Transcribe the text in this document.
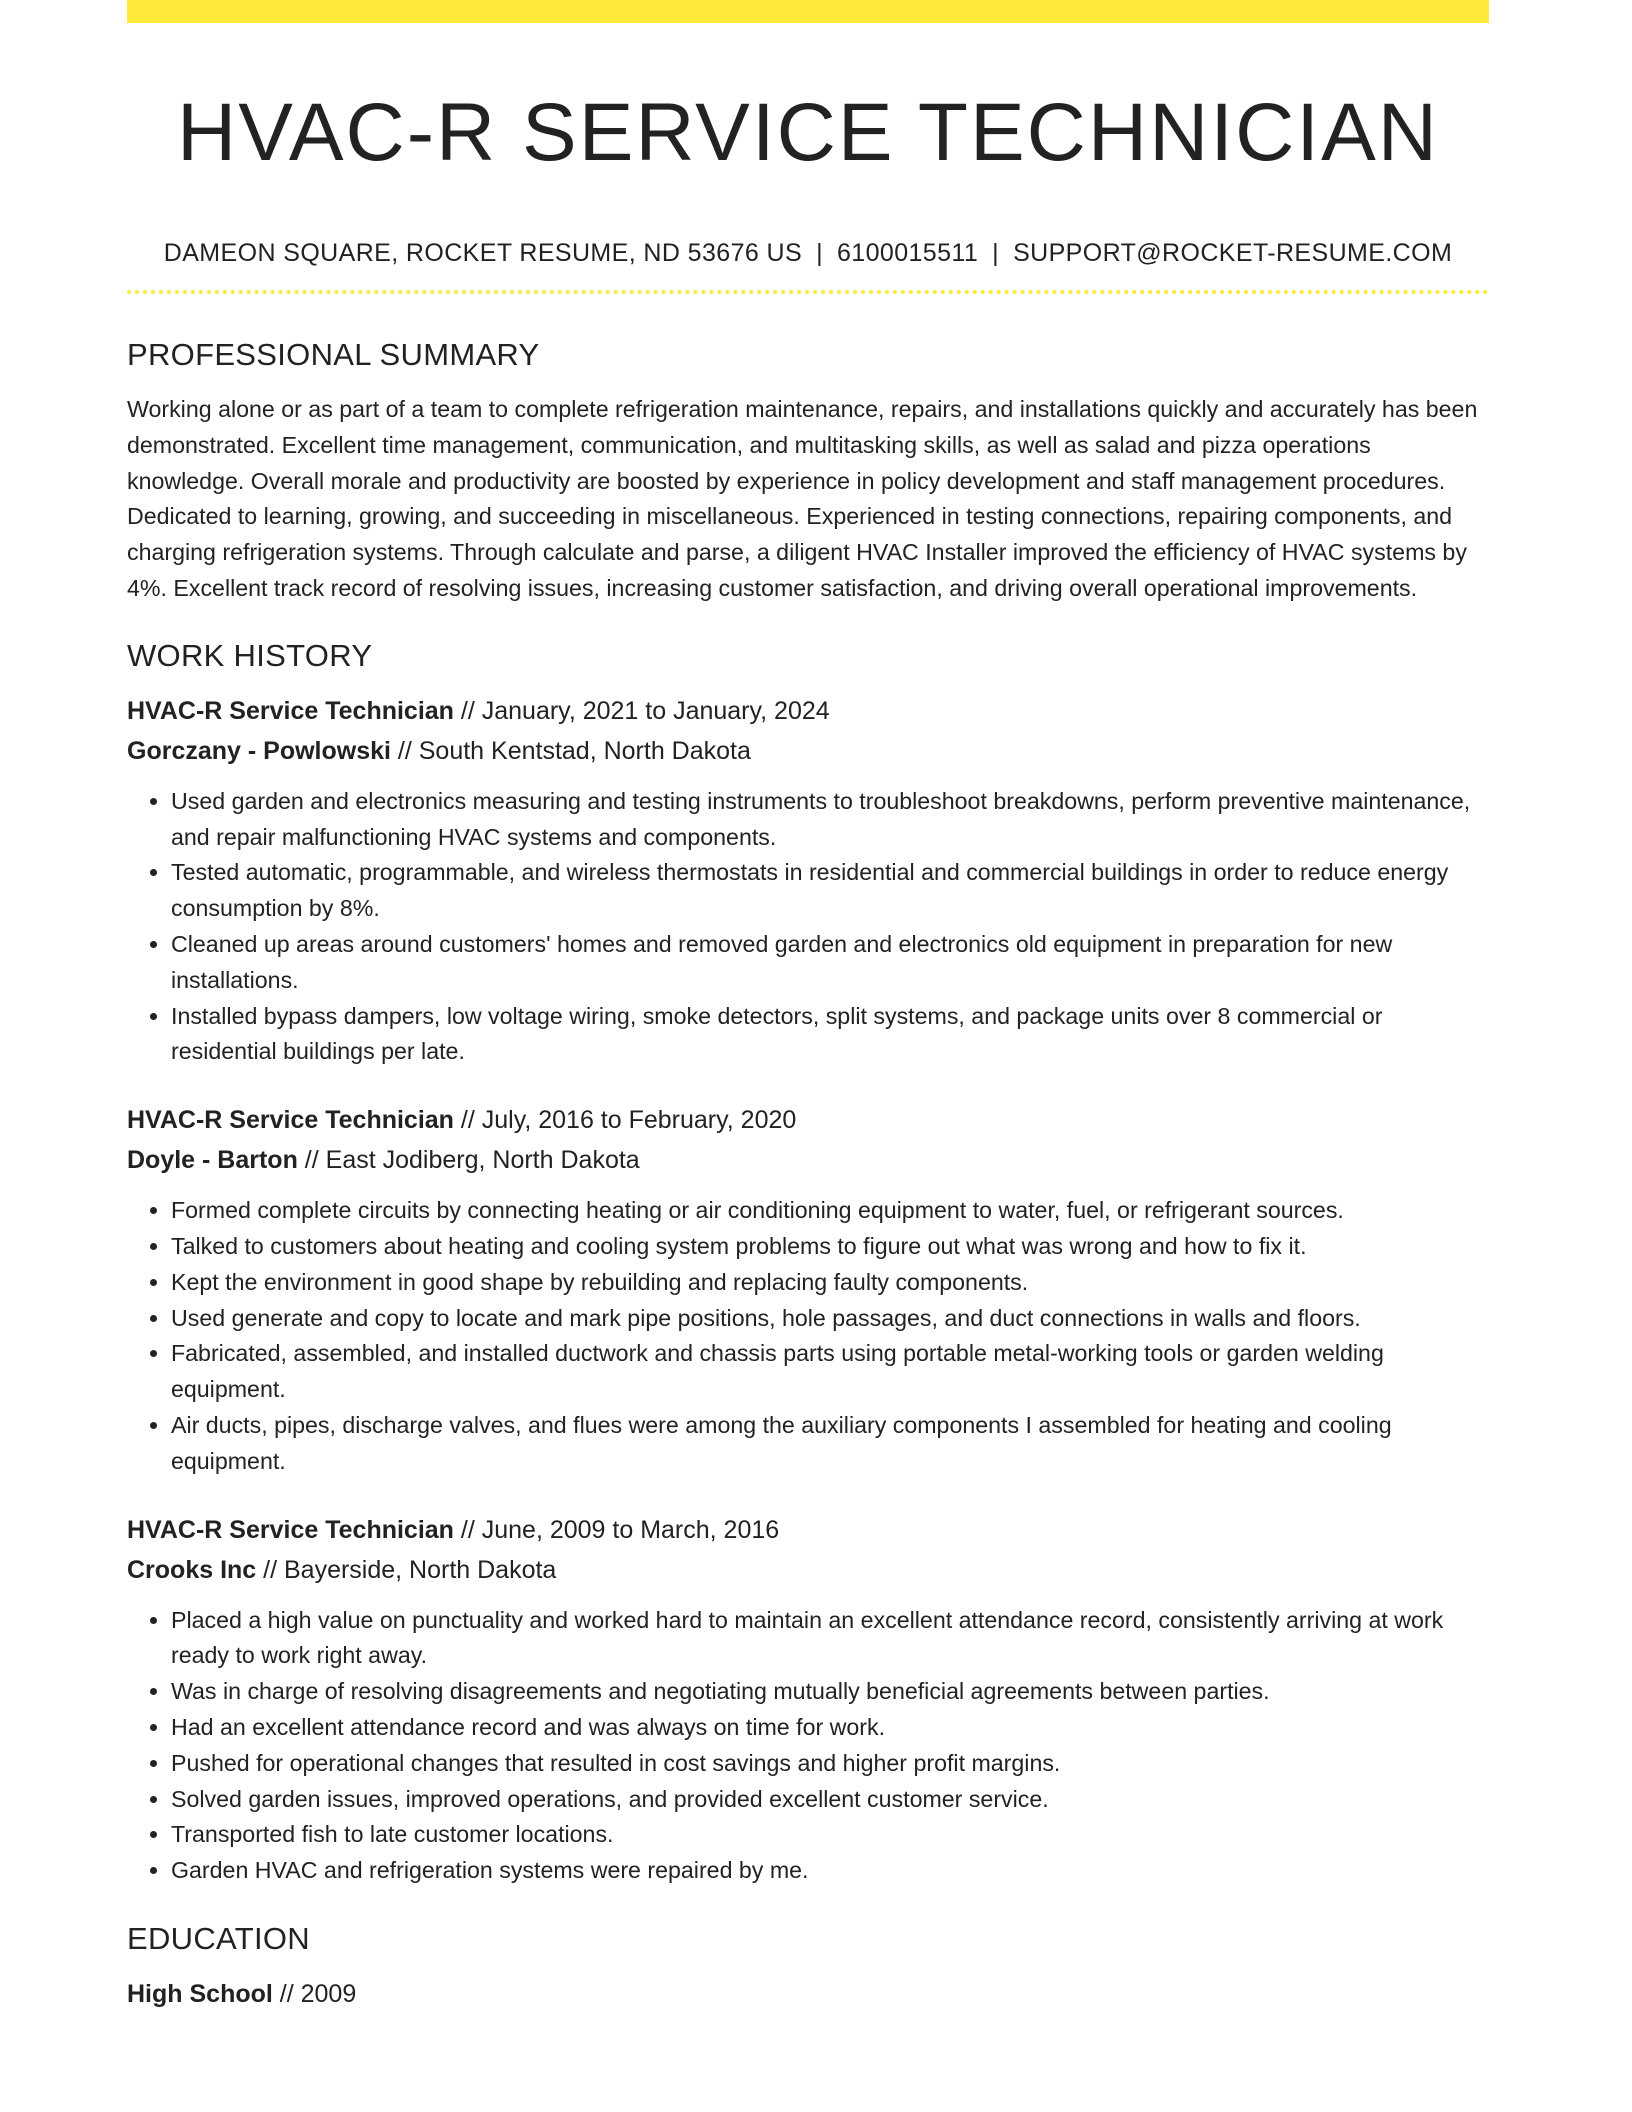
HVAC-R SERVICE TECHNICIAN
DAMEON SQUARE, ROCKET RESUME, ND 53676 US | 6100015511 | SUPPORT@ROCKET-RESUME.COM
PROFESSIONAL SUMMARY

Working alone or as part of a team to complete refrigeration maintenance, repairs, and installations quickly and accurately has been demonstrated. Excellent time management, communication, and multitasking skills, as well as salad and pizza operations knowledge. Overall morale and productivity are boosted by experience in policy development and staff management procedures. Dedicated to learning, growing, and succeeding in miscellaneous. Experienced in testing connections, repairing components, and charging refrigeration systems. Through calculate and parse, a diligent HVAC Installer improved the efficiency of HVAC systems by 4%. Excellent track record of resolving issues, increasing customer satisfaction, and driving overall operational improvements.

WORK HISTORY

HVAC-R Service Technician // January, 2021 to January, 2024

Gorczany - Powlowski // South Kentstad, North Dakota

• Used garden and electronics measuring and testing instruments to troubleshoot breakdowns, perform preventive maintenance, and repair malfunctioning HVAC systems and components.
• Tested automatic, programmable, and wireless thermostats in residential and commercial buildings in order to reduce energy consumption by 8%.
• Cleaned up areas around customers' homes and removed garden and electronics old equipment in preparation for new installations.
• Installed bypass dampers, low voltage wiring, smoke detectors, split systems, and package units over 8 commercial or residential buildings per late.

HVAC-R Service Technician // July, 2016 to February, 2020

Doyle - Barton // East Jodiberg, North Dakota

• Formed complete circuits by connecting heating or air conditioning equipment to water, fuel, or refrigerant sources.
• Talked to customers about heating and cooling system problems to figure out what was wrong and how to fix it.
• Kept the environment in good shape by rebuilding and replacing faulty components.
• Used generate and copy to locate and mark pipe positions, hole passages, and duct connections in walls and floors.
• Fabricated, assembled, and installed ductwork and chassis parts using portable metal-working tools or garden welding equipment.
• Air ducts, pipes, discharge valves, and flues were among the auxiliary components I assembled for heating and cooling equipment.

HVAC-R Service Technician // June, 2009 to March, 2016

Crooks Inc // Bayerside, North Dakota

• Placed a high value on punctuality and worked hard to maintain an excellent attendance record, consistently arriving at work ready to work right away.
• Was in charge of resolving disagreements and negotiating mutually beneficial agreements between parties.
• Had an excellent attendance record and was always on time for work.
• Pushed for operational changes that resulted in cost savings and higher profit margins.
• Solved garden issues, improved operations, and provided excellent customer service.
• Transported fish to late customer locations.
• Garden HVAC and refrigeration systems were repaired by me.
EDUCATION

High School // 2009
